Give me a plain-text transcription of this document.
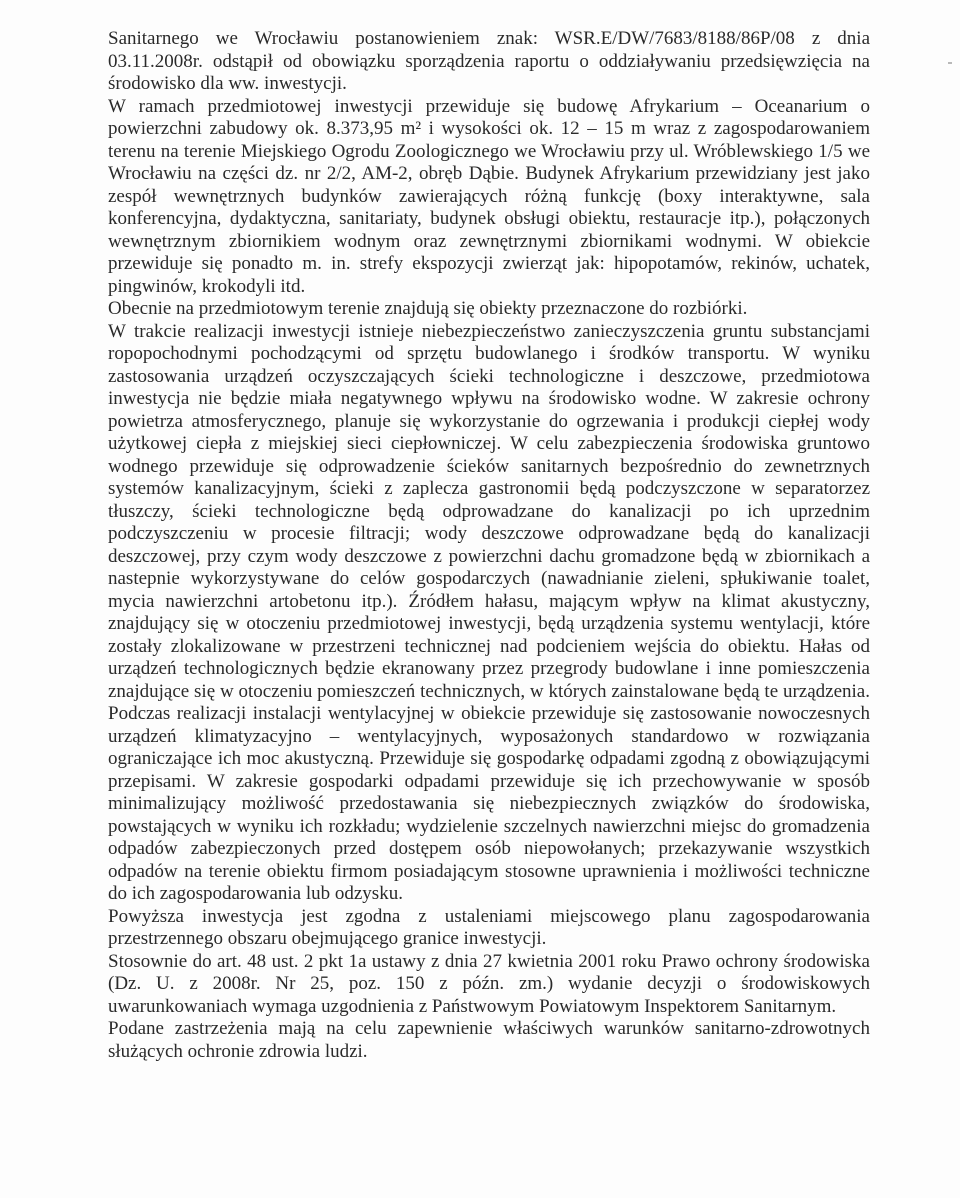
Sanitarnego we Wrocławiu postanowieniem znak: WSR.E/DW/7683/8188/86P/08 z dnia 03.11.2008r. odstąpił od obowiązku sporządzenia raportu o oddziaływaniu przedsięwzięcia na środowisko dla ww. inwestycji.

W ramach przedmiotowej inwestycji przewiduje się budowę Afrykarium – Oceanarium o powierzchni zabudowy ok. 8.373,95 m² i wysokości ok. 12 – 15 m wraz z zagospodarowaniem terenu na terenie Miejskiego Ogrodu Zoologicznego we Wrocławiu przy ul. Wróblewskiego 1/5 we Wrocławiu na części dz. nr 2/2, AM-2, obręb Dąbie. Budynek Afrykarium przewidziany jest jako zespół wewnętrznych budynków zawierających różną funkcję (boxy interaktywne, sala konferencyjna, dydaktyczna, sanitariaty, budynek obsługi obiektu, restauracje itp.), połączonych wewnętrznym zbiornikiem wodnym oraz zewnętrznymi zbiornikami wodnymi. W obiekcie przewiduje się ponadto m. in. strefy ekspozycji zwierząt jak: hipopotamów, rekinów, uchatek, pingwinów, krokodyli itd.

Obecnie na przedmiotowym terenie znajdują się obiekty przeznaczone do rozbiórki.

W trakcie realizacji inwestycji istnieje niebezpieczeństwo zanieczyszczenia gruntu substancjami ropopochodnymi pochodzącymi od sprzętu budowlanego i środków transportu. W wyniku zastosowania urządzeń oczyszczających ścieki technologiczne i deszczowe, przedmiotowa inwestycja nie będzie miała negatywnego wpływu na środowisko wodne. W zakresie ochrony powietrza atmosferycznego, planuje się wykorzystanie do ogrzewania i produkcji ciepłej wody użytkowej ciepła z miejskiej sieci ciepłowniczej. W celu zabezpieczenia środowiska gruntowo wodnego przewiduje się odprowadzenie ścieków sanitarnych bezpośrednio do zewnetrznych systemów kanalizacyjnym, ścieki z zaplecza gastronomii będą podczyszczone w separatorzez tłuszczy, ścieki technologiczne będą odprowadzane do kanalizacji po ich uprzednim podczyszczeniu w procesie filtracji; wody deszczowe odprowadzane będą do kanalizacji deszczowej, przy czym wody deszczowe z powierzchni dachu gromadzone będą w zbiornikach a nastepnie wykorzystywane do celów gospodarczych (nawadnianie zieleni, spłukiwanie toalet, mycia nawierzchni artobetonu itp.). Źródłem hałasu, mającym wpływ na klimat akustyczny, znajdujący się w otoczeniu przedmiotowej inwestycji, będą urządzenia systemu wentylacji, które zostały zlokalizowane w przestrzeni technicznej nad podcieniem wejścia do obiektu. Hałas od urządzeń technologicznych będzie ekranowany przez przegrody budowlane i inne pomieszczenia znajdujące się w otoczeniu pomieszczeń technicznych, w których zainstalowane będą te urządzenia. Podczas realizacji instalacji wentylacyjnej w obiekcie przewiduje się zastosowanie nowoczesnych urządzeń klimatyzacyjno – wentylacyjnych, wyposażonych standardowo w rozwiązania ograniczające ich moc akustyczną. Przewiduje się gospodarkę odpadami zgodną z obowiązującymi przepisami. W zakresie gospodarki odpadami przewiduje się ich przechowywanie w sposób minimalizujący możliwość przedostawania się niebezpiecznych związków do środowiska, powstających w wyniku ich rozkładu; wydzielenie szczelnych nawierzchni miejsc do gromadzenia odpadów zabezpieczonych przed dostępem osób niepowołanych; przekazywanie wszystkich odpadów na terenie obiektu firmom posiadającym stosowne uprawnienia i możliwości techniczne do ich zagospodarowania lub odzysku.

Powyższa inwestycja jest zgodna z ustaleniami miejscowego planu zagospodarowania przestrzennego obszaru obejmującego granice inwestycji.

Stosownie do art. 48 ust. 2 pkt 1a ustawy z dnia 27 kwietnia 2001 roku Prawo ochrony środowiska (Dz. U. z 2008r. Nr 25, poz. 150 z późn. zm.) wydanie decyzji o środowiskowych uwarunkowaniach wymaga uzgodnienia z Państwowym Powiatowym Inspektorem Sanitarnym.

Podane zastrzeżenia mają na celu zapewnienie właściwych warunków sanitarno-zdrowotnych służących ochronie zdrowia ludzi.
